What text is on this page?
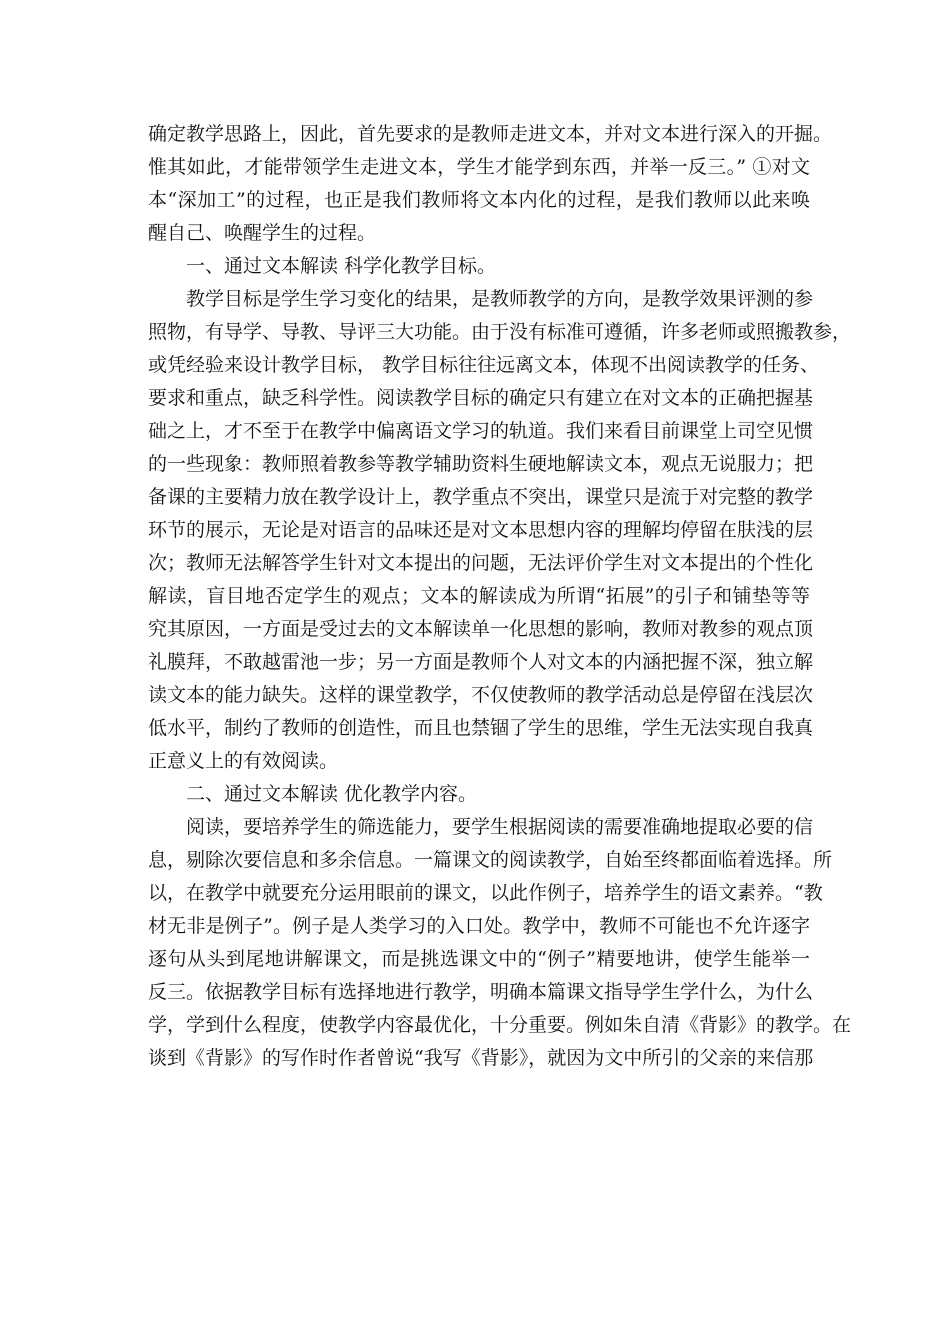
确定教学思路上，因此，首先要求的是教师走进文本，并对文本进行深入的开掘。
惟其如此，才能带领学生走进文本，学生才能学到东西，并举一反三。” ①对文
本“深加工”的过程，也正是我们教师将文本内化的过程，是我们教师以此来唤
醒自己、唤醒学生的过程。
一、通过文本解读 科学化教学目标。
教学目标是学生学习变化的结果，是教师教学的方向，是教学效果评测的参
照物，有导学、导教、导评三大功能。由于没有标准可遵循，许多老师或照搬教参，
或凭经验来设计教学目标， 教学目标往往远离文本，体现不出阅读教学的任务、
要求和重点，缺乏科学性。阅读教学目标的确定只有建立在对文本的正确把握基
础之上，才不至于在教学中偏离语文学习的轨道。我们来看目前课堂上司空见惯
的一些现象：教师照着教参等教学辅助资料生硬地解读文本，观点无说服力；把
备课的主要精力放在教学设计上，教学重点不突出，课堂只是流于对完整的教学
环节的展示，无论是对语言的品味还是对文本思想内容的理解均停留在肤浅的层
次；教师无法解答学生针对文本提出的问题，无法评价学生对文本提出的个性化
解读，盲目地否定学生的观点；文本的解读成为所谓“拓展”的引子和铺垫等等
究其原因，一方面是受过去的文本解读单一化思想的影响，教师对教参的观点顶
礼膜拜，不敢越雷池一步；另一方面是教师个人对文本的内涵把握不深，独立解
读文本的能力缺失。这样的课堂教学，不仅使教师的教学活动总是停留在浅层次
低水平，制约了教师的创造性，而且也禁锢了学生的思维，学生无法实现自我真
正意义上的有效阅读。
二、通过文本解读 优化教学内容。
阅读，要培养学生的筛选能力，要学生根据阅读的需要准确地提取必要的信
息，剔除次要信息和多余信息。一篇课文的阅读教学，自始至终都面临着选择。所
以，在教学中就要充分运用眼前的课文，以此作例子，培养学生的语文素养。“教
材无非是例子”。例子是人类学习的入口处。教学中，教师不可能也不允许逐字
逐句从头到尾地讲解课文，而是挑选课文中的“例子”精要地讲，使学生能举一
反三。依据教学目标有选择地进行教学，明确本篇课文指导学生学什么，为什么
学，学到什么程度，使教学内容最优化，十分重要。例如朱自清《背影》的教学。在
谈到《背影》的写作时作者曾说“我写《背影》，就因为文中所引的父亲的来信那
